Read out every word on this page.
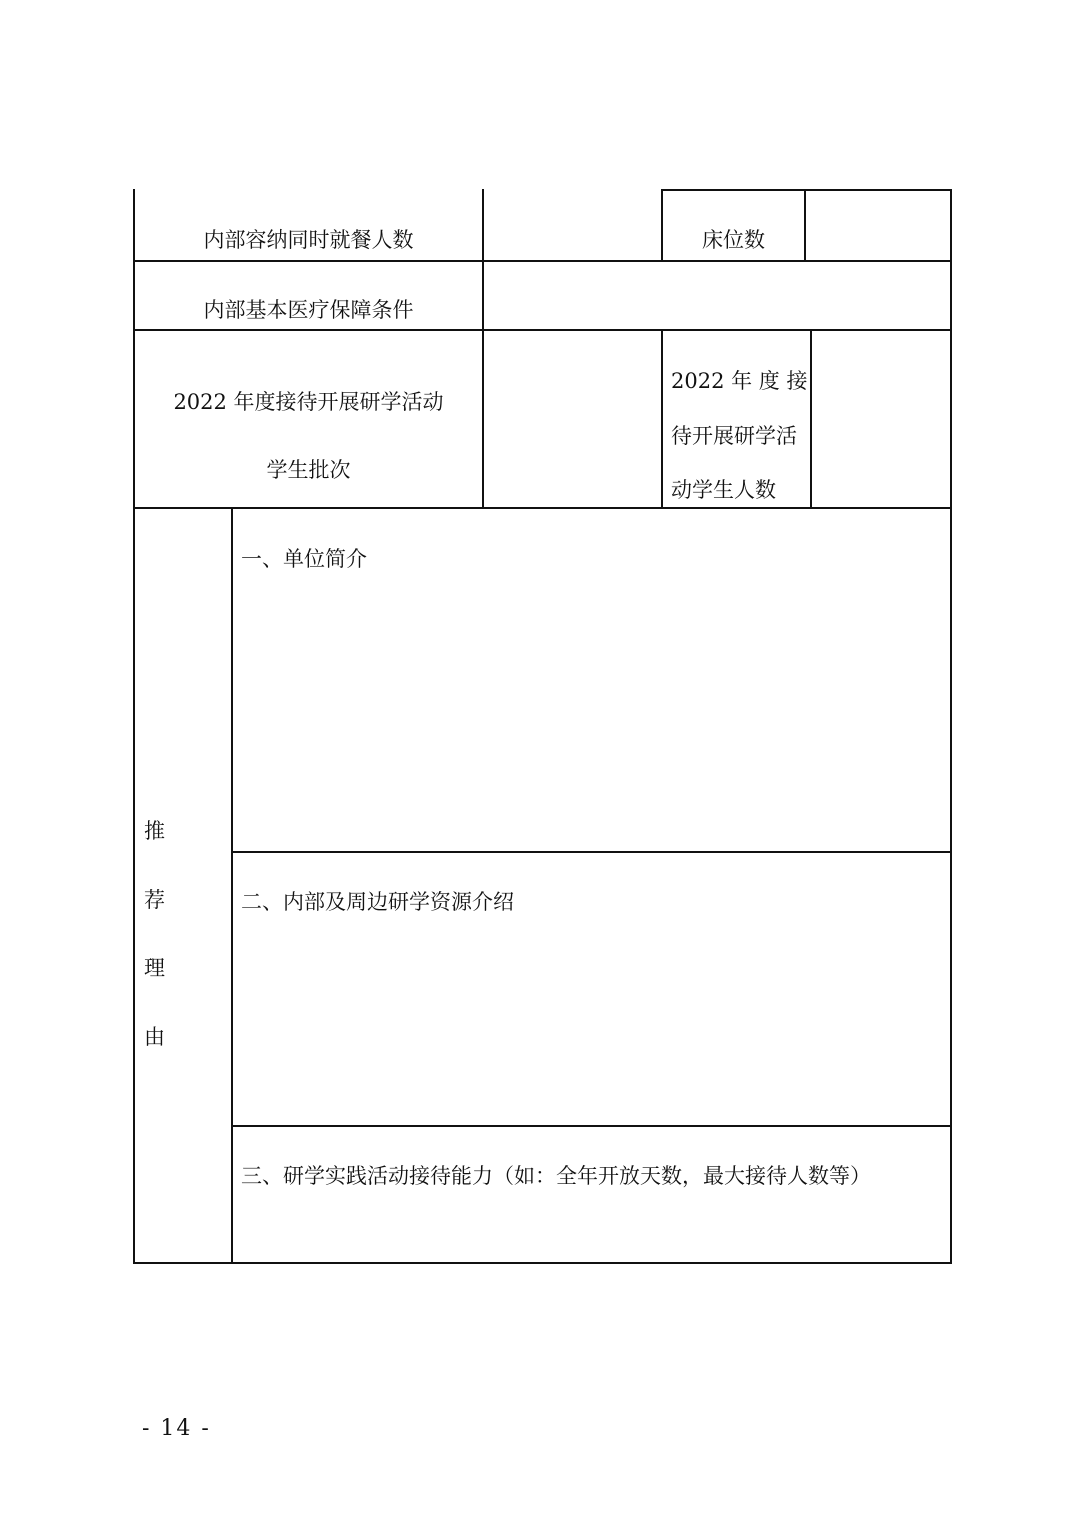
内部容纳同时就餐人数	床位数
内部基本医疗保障条件
2022 年度接待开展研学活动
学生批次
2022 年 度 接
待开展研学活
动学生人数
推
荐
理
由
一、单位简介
二、内部及周边研学资源介绍
三、研学实践活动接待能力（如：全年开放天数，最大接待人数等）
- 14 -
